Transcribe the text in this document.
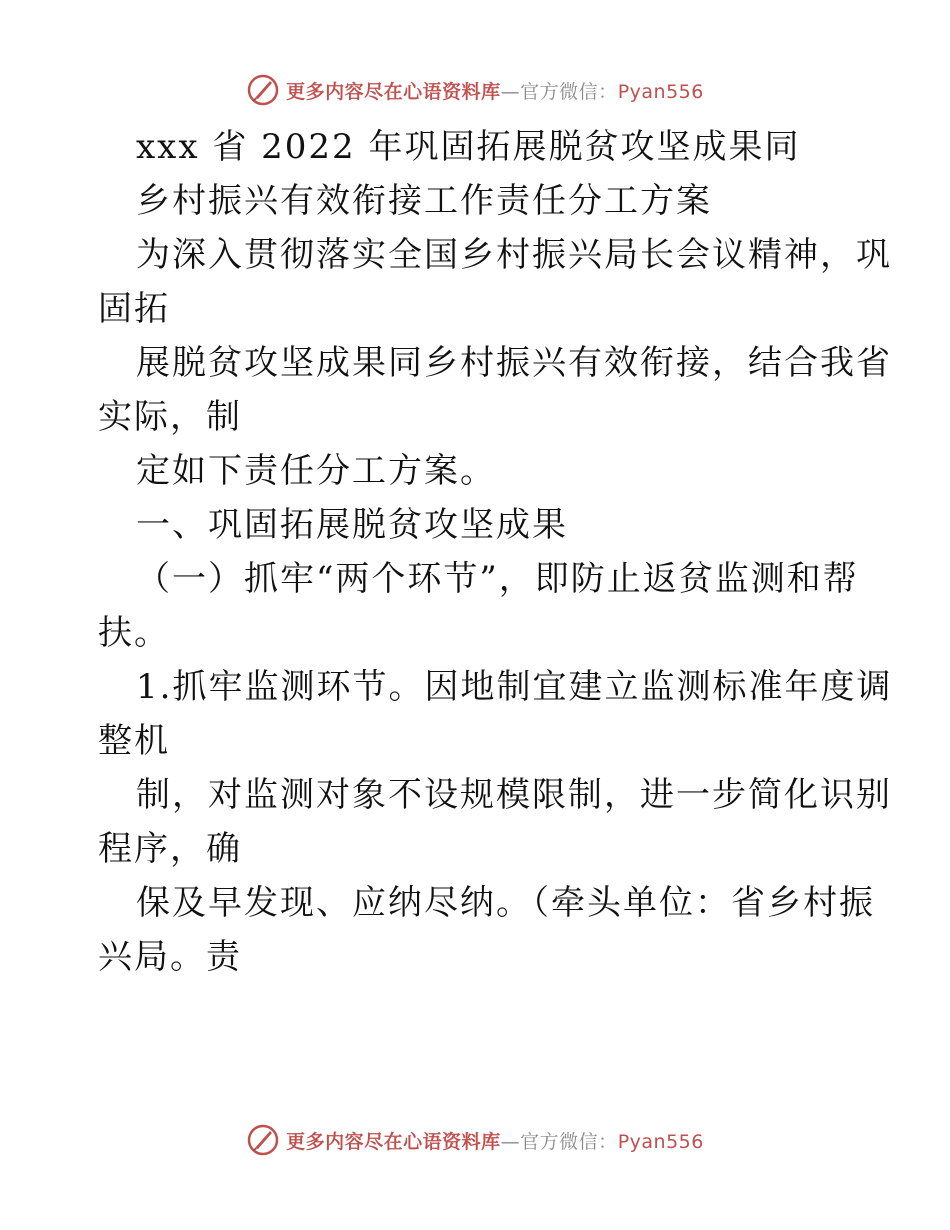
更多内容尽在心语资料库—官方微信：Pyan556
xxx 省 2022 年巩固拓展脱贫攻坚成果同
乡村振兴有效衔接工作责任分工方案
为深入贯彻落实全国乡村振兴局长会议精神，巩
固拓
展脱贫攻坚成果同乡村振兴有效衔接，结合我省
实际，制
定如下责任分工方案。
一、巩固拓展脱贫攻坚成果
（一）抓牢“两个环节”，即防止返贫监测和帮
扶。
1.抓牢监测环节。因地制宜建立监测标准年度调
整机
制，对监测对象不设规模限制，进一步简化识别
程序，确
保及早发现、应纳尽纳。（牵头单位：省乡村振
兴局。责
更多内容尽在心语资料库—官方微信：Pyan556
